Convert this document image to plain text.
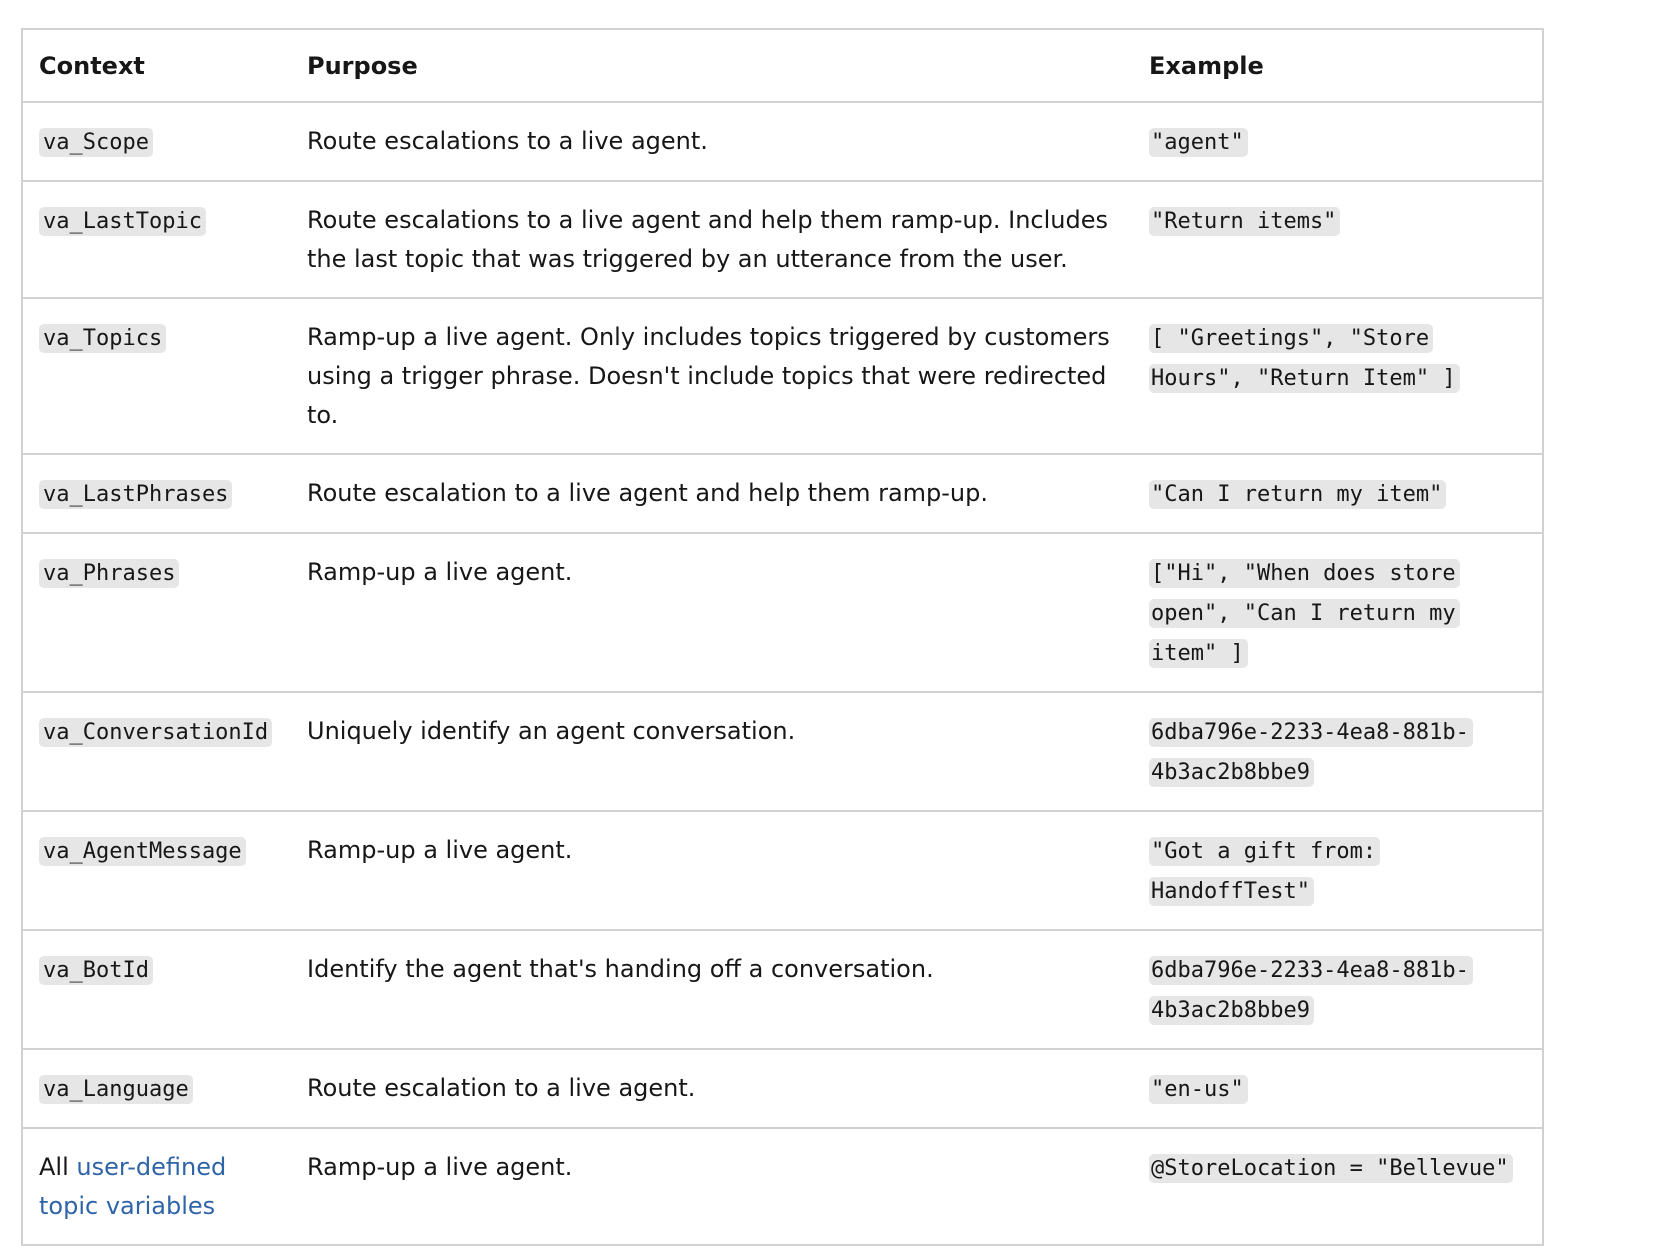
Context	Purpose	Example
va_Scope	Route escalations to a live agent.	"agent"
va_LastTopic	Route escalations to a live agent and help them ramp-up. Includes the last topic that was triggered by an utterance from the user.	"Return items"
va_Topics	Ramp-up a live agent. Only includes topics triggered by customers using a trigger phrase. Doesn't include topics that were redirected to.	[ "Greetings", "Store Hours", "Return Item" ]
va_LastPhrases	Route escalation to a live agent and help them ramp-up.	"Can I return my item"
va_Phrases	Ramp-up a live agent.	["Hi", "When does store open", "Can I return my item" ]
va_ConversationId	Uniquely identify an agent conversation.	6dba796e-2233-4ea8-881b-4b3ac2b8bbe9
va_AgentMessage	Ramp-up a live agent.	"Got a gift from: HandoffTest"
va_BotId	Identify the agent that's handing off a conversation.	6dba796e-2233-4ea8-881b-4b3ac2b8bbe9
va_Language	Route escalation to a live agent.	"en-us"
All user-defined topic variables	Ramp-up a live agent.	@StoreLocation = "Bellevue"
